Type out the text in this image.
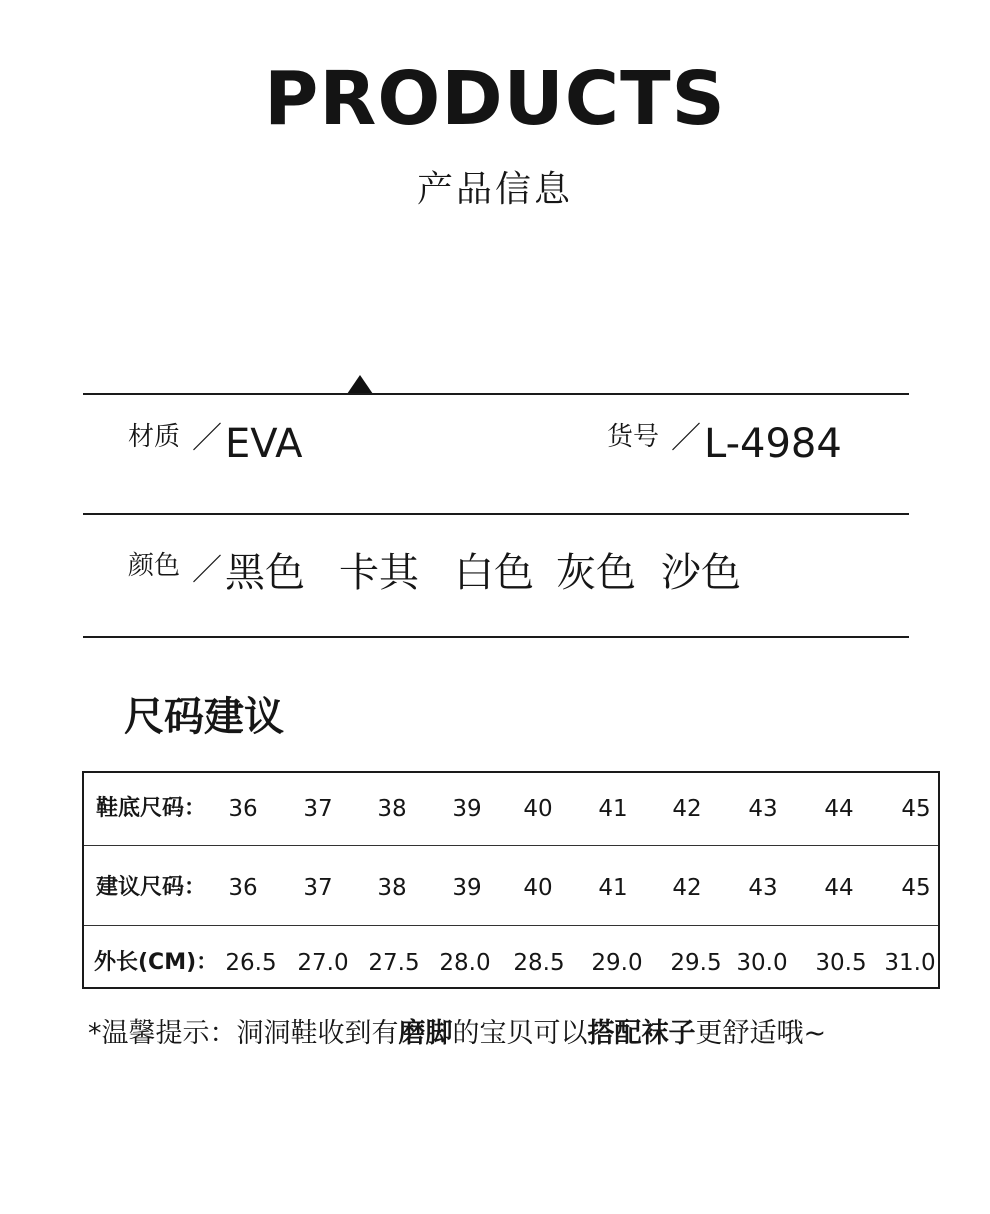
PRODUCTS
产品信息
材质 ／ EVA	货号 ／ L-4984
颜色 ／ 黑色 卡其 白色 灰色 沙色
尺码建议
鞋底尺码： 36 37 38 39 40 41 42 43 44 45
建议尺码： 36 37 38 39 40 41 42 43 44 45
外长(CM)： 26.5 27.0 27.5 28.0 28.5 29.0 29.5 30.0 30.5 31.0
*温馨提示：洞洞鞋收到有磨脚的宝贝可以搭配袜子更舒适哦~
